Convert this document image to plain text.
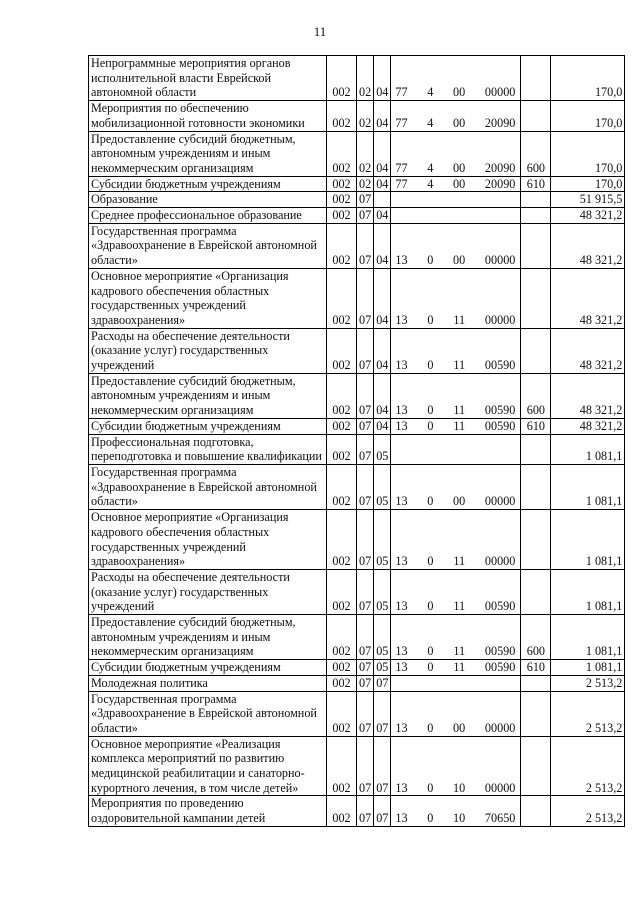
11
Непрограммные мероприятия органов исполнительной власти Еврейской автономной области	002	02	04	77 4 00 00000		170,0
Мероприятия по обеспечению мобилизационной готовности экономики	002	02	04	77 4 00 20090		170,0
Предоставление субсидий бюджетным, автономным учреждениям и иным некоммерческим организациям	002	02	04	77 4 00 20090	600	170,0
Субсидии бюджетным учреждениям	002	02	04	77 4 00 20090	610	170,0
Образование	002	07				51 915,5
Среднее профессиональное образование	002	07	04			48 321,2
Государственная программа «Здравоохранение в Еврейской автономной области»	002	07	04	13 0 00 00000		48 321,2
Основное мероприятие «Организация кадрового обеспечения областных государственных учреждений здравоохранения»	002	07	04	13 0 11 00000		48 321,2
Расходы на обеспечение деятельности (оказание услуг) государственных учреждений	002	07	04	13 0 11 00590		48 321,2
Предоставление субсидий бюджетным, автономным учреждениям и иным некоммерческим организациям	002	07	04	13 0 11 00590	600	48 321,2
Субсидии бюджетным учреждениям	002	07	04	13 0 11 00590	610	48 321,2
Профессиональная подготовка, переподготовка и повышение квалификации	002	07	05			1 081,1
Государственная программа «Здравоохранение в Еврейской автономной области»	002	07	05	13 0 00 00000		1 081,1
Основное мероприятие «Организация кадрового обеспечения областных государственных учреждений здравоохранения»	002	07	05	13 0 11 00000		1 081,1
Расходы на обеспечение деятельности (оказание услуг) государственных учреждений	002	07	05	13 0 11 00590		1 081,1
Предоставление субсидий бюджетным, автономным учреждениям и иным некоммерческим организациям	002	07	05	13 0 11 00590	600	1 081,1
Субсидии бюджетным учреждениям	002	07	05	13 0 11 00590	610	1 081,1
Молодежная политика	002	07	07			2 513,2
Государственная программа «Здравоохранение в Еврейской автономной области»	002	07	07	13 0 00 00000		2 513,2
Основное мероприятие «Реализация комплекса мероприятий по развитию медицинской реабилитации и санаторно-курортного лечения, в том числе детей»	002	07	07	13 0 10 00000		2 513,2
Мероприятия по проведению оздоровительной кампании детей	002	07	07	13 0 10 70650		2 513,2
